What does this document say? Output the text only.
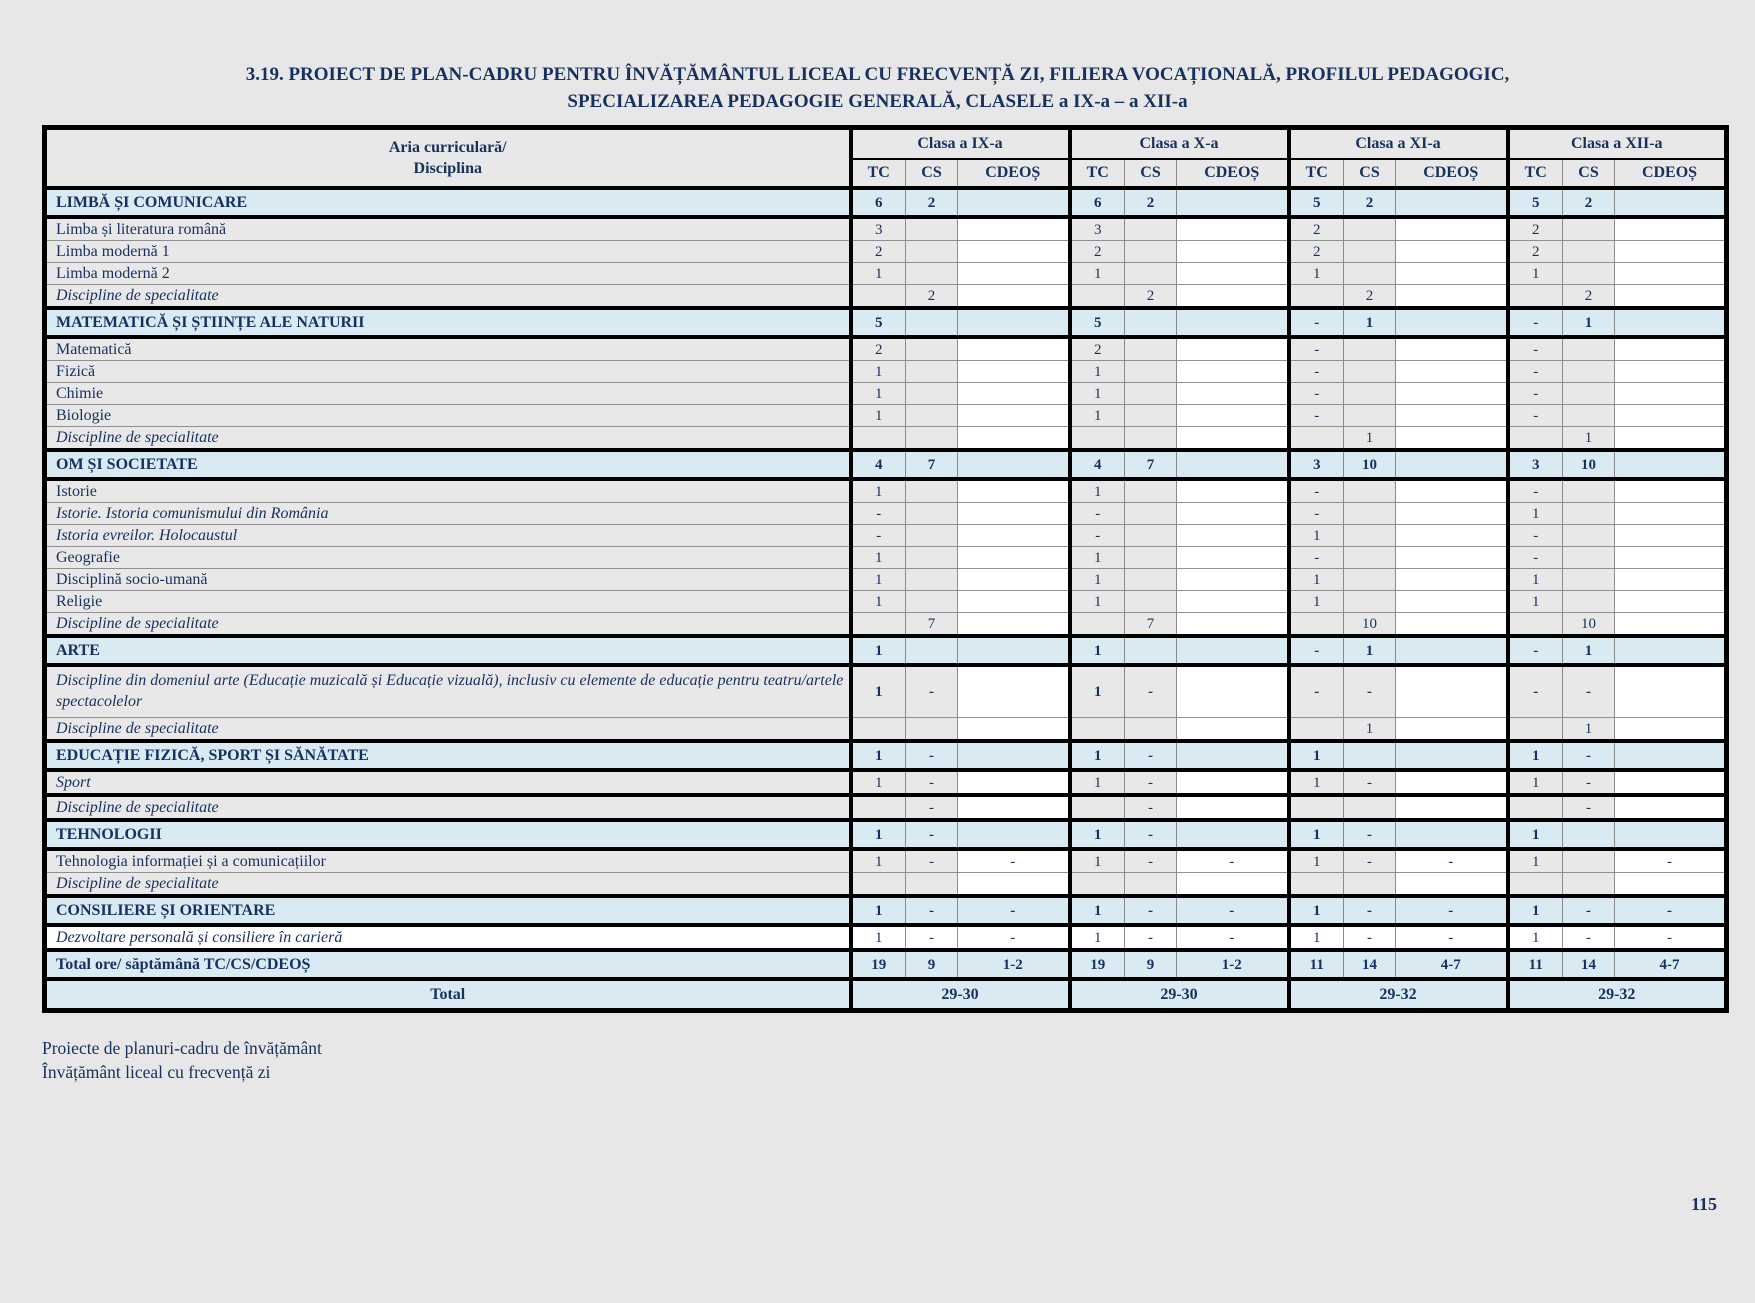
3.19. PROIECT DE PLAN-CADRU PENTRU ÎNVĂȚĂMÂNTUL LICEAL CU FRECVENȚĂ ZI, FILIERA VOCAȚIONALĂ, PROFILUL PEDAGOGIC,
SPECIALIZAREA PEDAGOGIE GENERALĂ, CLASELE a IX-a – a XII-a
Aria curriculară/
Disciplina	Clasa a IX-a			Clasa a X-a			Clasa a XI-a			Clasa a XII-a		
	TC	CS	CDEOȘ	TC	CS	CDEOȘ	TC	CS	CDEOȘ	TC	CS	CDEOȘ
LIMBĂ ȘI COMUNICARE	6	2		6	2		5	2		5	2	
Limba și literatura română	3			3			2			2		
Limba modernă 1	2			2			2			2		
Limba modernă 2	1			1			1			1		
Discipline de specialitate		2			2			2			2	
MATEMATICĂ ȘI ȘTIINȚE ALE NATURII	5			5			-	1		-	1	
Matematică	2			2			-			-		
Fizică	1			1			-			-		
Chimie	1			1			-			-		
Biologie	1			1			-			-		
Discipline de specialitate								1			1	
OM ȘI SOCIETATE	4	7		4	7		3	10		3	10	
Istorie	1			1			-			-		
Istorie. Istoria comunismului din România	-			-			-			1		
Istoria evreilor. Holocaustul	-			-			1			-		
Geografie	1			1			-			-		
Disciplină socio-umană	1			1			1			1		
Religie	1			1			1			1		
Discipline de specialitate		7			7			10			10	
ARTE	1			1			-	1		-	1	
Discipline din domeniul arte (Educație muzicală și Educație vizuală), inclusiv cu elemente de educație pentru teatru/artele spectacolelor	1	-		1	-		-	-		-	-	
Discipline de specialitate								1			1	
EDUCAȚIE FIZICĂ, SPORT ȘI SĂNĂTATE	1	-		1	-		1			1	-	
Sport	1	-		1	-		1	-		1	-	
Discipline de specialitate		-			-						-	
TEHNOLOGII	1	-		1	-		1	-		1		
Tehnologia informației și a comunicațiilor	1	-	-	1	-	-	1	-	-	1		-
Discipline de specialitate												
CONSILIERE ȘI ORIENTARE	1	-	-	1	-	-	1	-	-	1	-	-
Dezvoltare personală și consiliere în carieră	1	-	-	1	-	-	1	-	-	1	-	-
Total ore/ săptămână TC/CS/CDEOȘ	19	9	1-2	19	9	1-2	11	14	4-7	11	14	4-7
Total	29-30			29-30			29-32			29-32		
Proiecte de planuri-cadru de învățământ
Învățământ liceal cu frecvență zi
115
